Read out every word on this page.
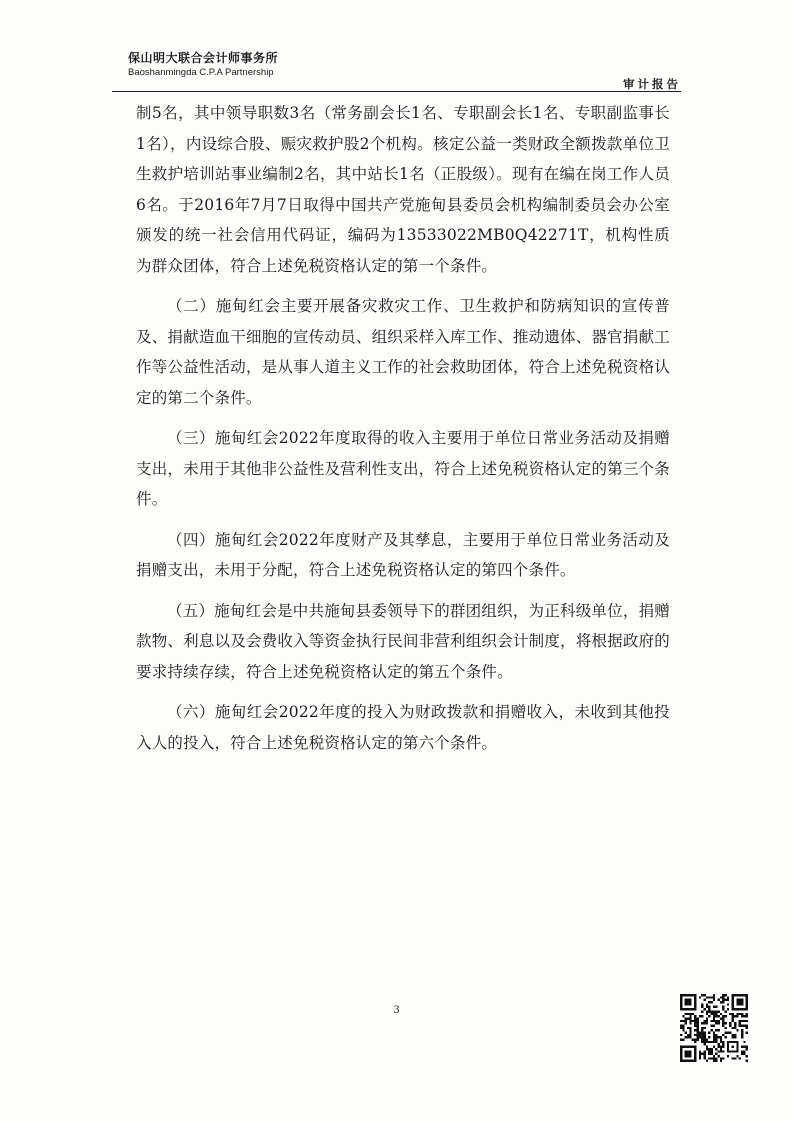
保山明大联合会计师事务所
Baoshanmingda C.P.A Partnership
审计报告

制5名，其中领导职数3名（常务副会长1名、专职副会长1名、专职副监事长1名），内设综合股、赈灾救护股2个机构。核定公益一类财政全额拨款单位卫生救护培训站事业编制2名，其中站长1名（正股级）。现有在编在岗工作人员6名。于2016年7月7日取得中国共产党施甸县委员会机构编制委员会办公室颁发的统一社会信用代码证，编码为13533022MB0Q42271T，机构性质为群众团体，符合上述免税资格认定的第一个条件。

（二）施甸红会主要开展备灾救灾工作、卫生救护和防病知识的宣传普及、捐献造血干细胞的宣传动员、组织采样入库工作、推动遗体、器官捐献工作等公益性活动，是从事人道主义工作的社会救助团体，符合上述免税资格认定的第二个条件。

（三）施甸红会2022年度取得的收入主要用于单位日常业务活动及捐赠支出，未用于其他非公益性及营利性支出，符合上述免税资格认定的第三个条件。

（四）施甸红会2022年度财产及其孳息，主要用于单位日常业务活动及捐赠支出，未用于分配，符合上述免税资格认定的第四个条件。

（五）施甸红会是中共施甸县委领导下的群团组织，为正科级单位，捐赠款物、利息以及会费收入等资金执行民间非营利组织会计制度，将根据政府的要求持续存续，符合上述免税资格认定的第五个条件。

（六）施甸红会2022年度的投入为财政拨款和捐赠收入，未收到其他投入人的投入，符合上述免税资格认定的第六个条件。

3
